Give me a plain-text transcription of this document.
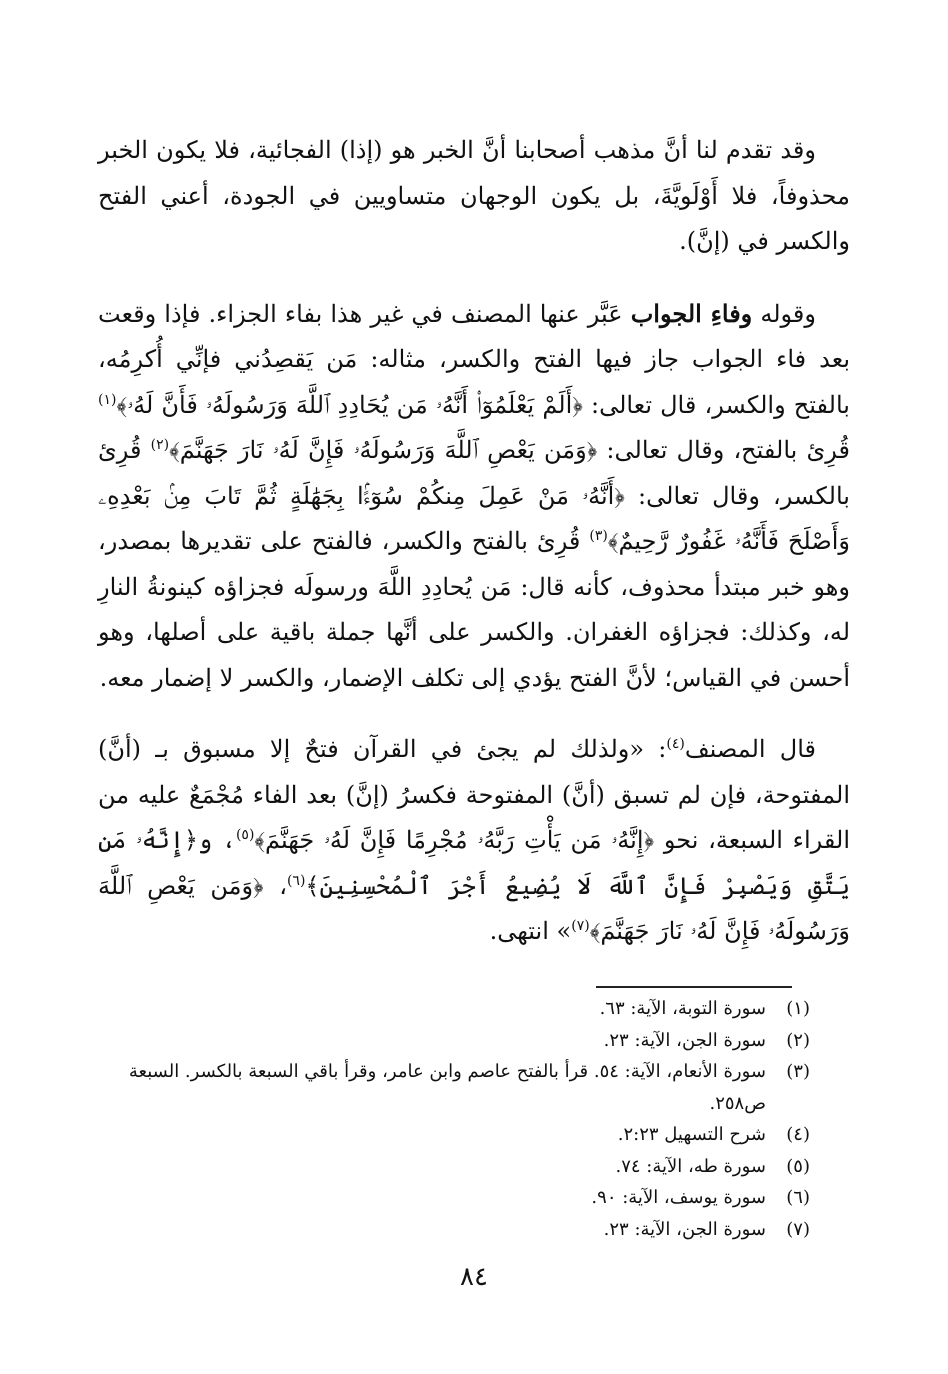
وقد تقدم لنا أنَّ مذهب أصحابنا أنَّ الخبر هو (إذا) الفجائية، فلا يكون الخبر محذوفاً، فلا أَوْلَويَّةَ، بل يكون الوجهان متساويين في الجودة، أعني الفتح والكسر في (إنَّ).

وقوله وفاءِ الجواب عَبَّر عنها المصنف في غير هذا بفاء الجزاء. فإذا وقعت بعد فاء الجواب جاز فيها الفتح والكسر، مثاله: مَن يَقصِدُني فإنِّي أُكرِمُه، بالفتح والكسر، قال تعالى: ﴿أَلَمْ يَعْلَمُوٓا۟ أَنَّهُۥ مَن يُحَادِدِ ٱللَّهَ وَرَسُولَهُۥ فَأَنَّ لَهُۥ﴾$^{(١)}$ قُرِئ بالفتح، وقال تعالى: ﴿وَمَن يَعْصِ ٱللَّهَ وَرَسُولَهُۥ فَإِنَّ لَهُۥ نَارَ جَهَنَّمَ﴾$^{(٢)}$ قُرِئ بالكسر، وقال تعالى: ﴿أَنَّهُۥ مَنْ عَمِلَ مِنكُمْ سُوٓءًۢا بِجَهَٰلَةٍ ثُمَّ تَابَ مِنۢ بَعْدِهِۦ وَأَصْلَحَ فَأَنَّهُۥ غَفُورٌ رَّحِيمٌ﴾$^{(٣)}$ قُرِئ بالفتح والكسر، فالفتح على تقديرها بمصدر، وهو خبر مبتدأ محذوف، كأنه قال: مَن يُحادِدِ اللَّهَ ورسولَه فجزاؤه كينونةُ النارِ له، وكذلك: فجزاؤه الغفران. والكسر على أنَّها جملة باقية على أصلها، وهو أحسن في القياس؛ لأنَّ الفتح يؤدي إلى تكلف الإضمار، والكسر لا إضمار معه.

قال المصنف$^{(٤)}$: «ولذلك لم يجئ في القرآن فتحٌ إلا مسبوق بـ (أنَّ) المفتوحة، فإن لم تسبق (أنَّ) المفتوحة فكسرُ (إنَّ) بعد الفاء مُجْمَعٌ عليه من القراء السبعة، نحو ﴿إِنَّهُۥ مَن يَأْتِ رَبَّهُۥ مُجْرِمًا فَإِنَّ لَهُۥ جَهَنَّمَ﴾$^{(٥)}$، و﴿إِنَّهُۥ مَن يَتَّقِ وَيَصْبِرْ فَإِنَّ ٱللَّهَ لَا يُضِيعُ أَجْرَ ٱلْمُحْسِنِينَ﴾$^{(٦)}$، ﴿وَمَن يَعْصِ ٱللَّهَ وَرَسُولَهُۥ فَإِنَّ لَهُۥ نَارَ جَهَنَّمَ﴾$^{(٧)}$» انتهى.

(١)
سورة التوبة، الآية: ٦٣.
(٢)
سورة الجن، الآية: ٢٣.
(٣)
سورة الأنعام، الآية: ٥٤. قرأ بالفتح عاصم وابن عامر، وقرأ باقي السبعة بالكسر. السبعة ص٢٥٨.
(٤)
شرح التسهيل ٢:٢٣.
(٥)
سورة طه، الآية: ٧٤.
(٦)
سورة يوسف، الآية: ٩٠.
(٧)
سورة الجن، الآية: ٢٣.
٨٤
